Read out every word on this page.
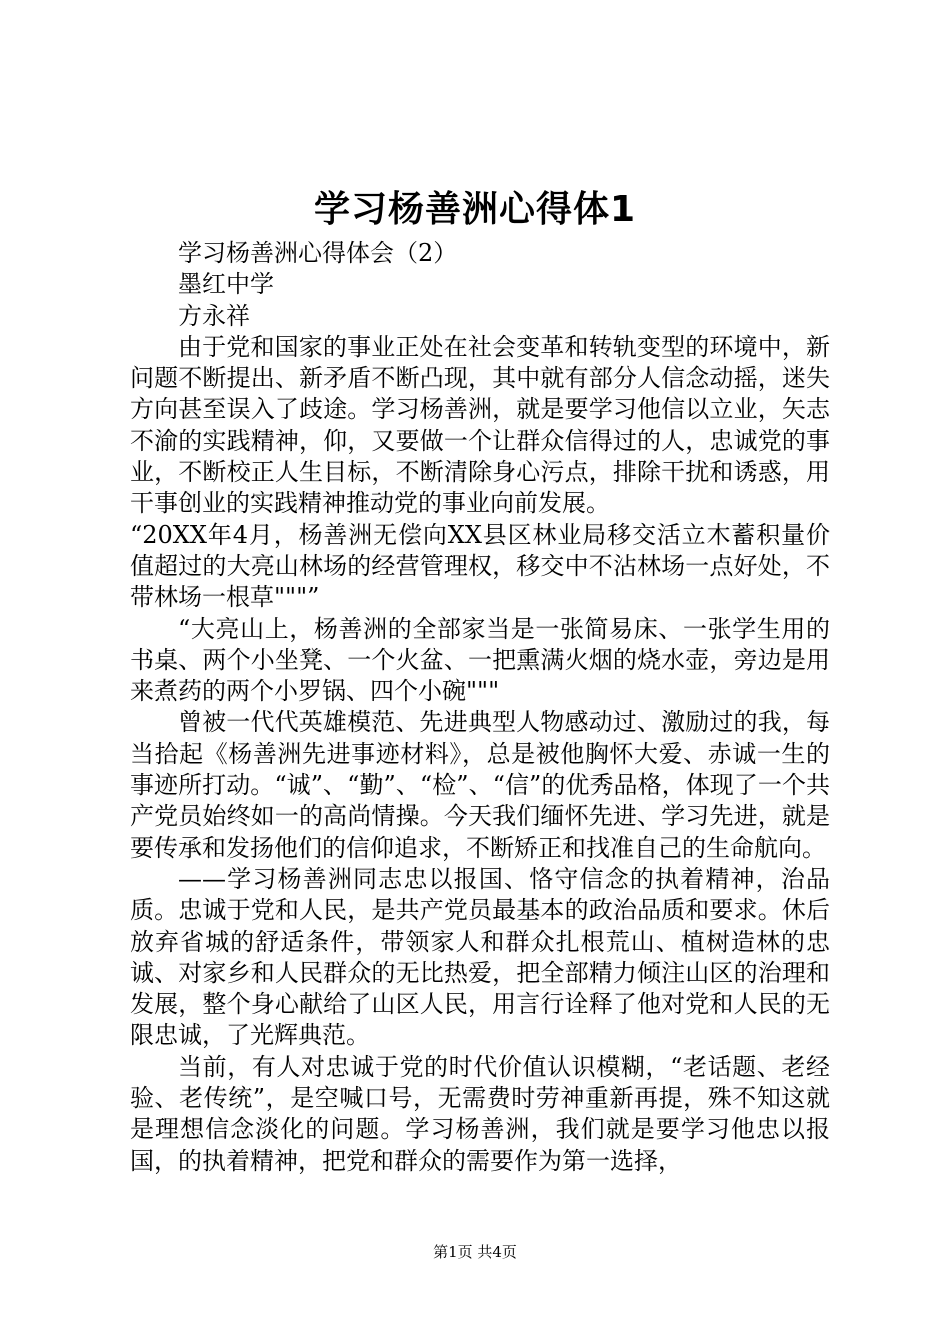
学习杨善洲心得体1

学习杨善洲心得体会（2）

墨红中学

方永祥

由于党和国家的事业正处在社会变革和转轨变型的环境中，新问题不断提出、新矛盾不断凸现，其中就有部分人信念动摇，迷失方向甚至误入了歧途。学习杨善洲，就是要学习他信以立业，矢志不渝的实践精神，仰，又要做一个让群众信得过的人，忠诚党的事业，不断校正人生目标，不断清除身心污点，排除干扰和诱惑，用干事创业的实践精神推动党的事业向前发展。

“20XX年4月，杨善洲无偿向XX县区林业局移交活立木蓄积量价值超过的大亮山林场的经营管理权，移交中不沾林场一点好处，不带林场一根草"""”

“大亮山上，杨善洲的全部家当是一张简易床、一张学生用的书桌、两个小坐凳、一个火盆、一把熏满火烟的烧水壶，旁边是用来煮药的两个小罗锅、四个小碗"""

曾被一代代英雄模范、先进典型人物感动过、激励过的我，每当拾起《杨善洲先进事迹材料》，总是被他胸怀大爱、赤诚一生的事迹所打动。“诚”、“勤”、“检”、“信”的优秀品格，体现了一个共产党员始终如一的高尚情操。今天我们缅怀先进、学习先进，就是要传承和发扬他们的信仰追求，不断矫正和找准自己的生命航向。

——学习杨善洲同志忠以报国、恪守信念的执着精神，治品质。忠诚于党和人民，是共产党员最基本的政治品质和要求。休后放弃省城的舒适条件，带领家人和群众扎根荒山、植树造林的忠诚、对家乡和人民群众的无比热爱，把全部精力倾注山区的治理和发展，整个身心献给了山区人民，用言行诠释了他对党和人民的无限忠诚，了光辉典范。

当前，有人对忠诚于党的时代价值认识模糊，“老话题、老经验、老传统”，是空喊口号，无需费时劳神重新再提，殊不知这就是理想信念淡化的问题。学习杨善洲，我们就是要学习他忠以报国，的执着精神，把党和群众的需要作为第一选择，

第1页 共4页
